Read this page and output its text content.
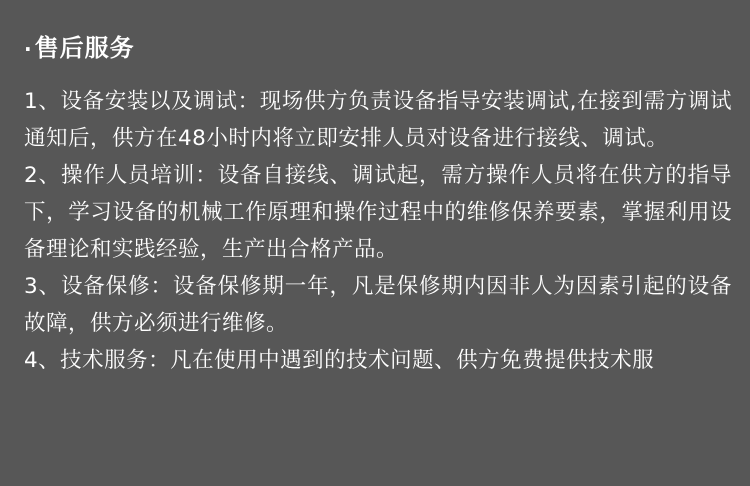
·售后服务

1、设备安装以及调试：现场供方负责设备指导安装调试,在接到需方调试通知后，供方在48小时内将立即安排人员对设备进行接线、调试。

2、操作人员培训：设备自接线、调试起，需方操作人员将在供方的指导下，学习设备的机械工作原理和操作过程中的维修保养要素，掌握利用设备理论和实践经验，生产出合格产品。

3、设备保修：设备保修期一年，凡是保修期内因非人为因素引起的设备故障，供方必须进行维修。

4、技术服务：凡在使用中遇到的技术问题、供方免费提供技术服
